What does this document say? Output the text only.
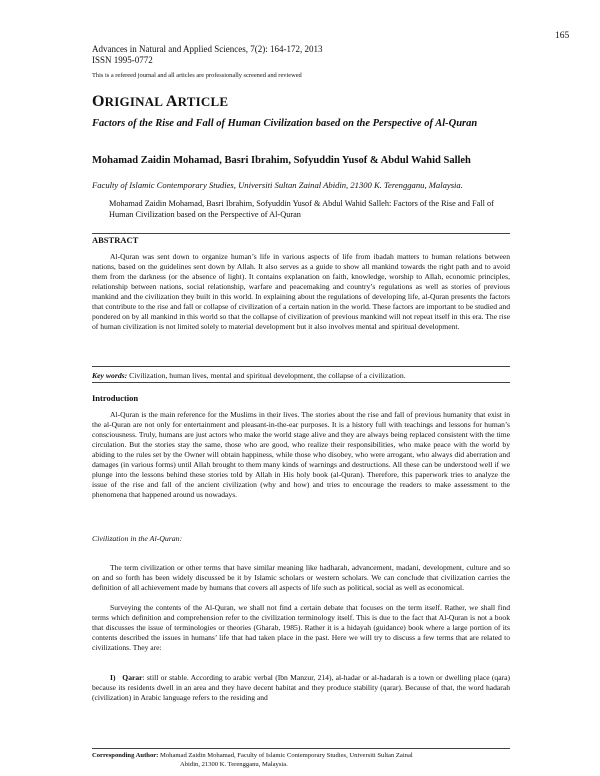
165
Advances in Natural and Applied Sciences, 7(2): 164-172, 2013
ISSN 1995-0772
This is a refereed journal and all articles are professionally screened and reviewed
ORIGINAL ARTICLE
Factors of the Rise and Fall of Human Civilization based on the Perspective of Al-Quran
Mohamad Zaidin Mohamad, Basri Ibrahim, Sofyuddin Yusof & Abdul Wahid Salleh
Faculty of Islamic Contemporary Studies, Universiti Sultan Zainal Abidin, 21300 K. Terengganu, Malaysia.
Mohamad Zaidin Mohamad, Basri Ibrahim, Sofyuddin Yusof & Abdul Wahid Salleh: Factors of the Rise and Fall of Human Civilization based on the Perspective of Al-Quran
ABSTRACT
Al-Quran was sent down to organize human’s life in various aspects of life from ibadah matters to human relations between nations, based on the guidelines sent down by Allah. It also serves as a guide to show all mankind towards the right path and to avoid them from the darkness (or the absence of light). It contains explanation on faith, knowledge, worship to Allah, economic principles, relationship between nations, social relationship, warfare and peacemaking and country’s regulations as well as stories of previous mankind and the civilization they built in this world. In explaining about the regulations of developing life, al-Quran presents the factors that contribute to the rise and fall or collapse of civilization of a certain nation in the world. These factors are important to be studied and pondered on by all mankind in this world so that the collapse of civilization of previous mankind will not repeat itself in this era. The rise of human civilization is not limited solely to material development but it also involves mental and spiritual development.
Key words: Civilization, human lives, mental and spiritual development, the collapse of a civilization.
Introduction
Al-Quran is the main reference for the Muslims in their lives. The stories about the rise and fall of previous humanity that exist in the al-Quran are not only for entertainment and pleasant-in-the-ear purposes. It is a history full with teachings and lessons for human’s consciousness. Truly, humans are just actors who make the world stage alive and they are always being replaced consistent with the time circulation. But the stories stay the same, those who are good, who realize their responsibilities, who make peace with the world by abiding to the rules set by the Owner will obtain happiness, while those who disobey, who were arrogant, who always did aberration and damages (in various forms) until Allah brought to them many kinds of warnings and destructions. All these can be understood well if we plunge into the lessons behind these stories told by Allah in His holy book (al-Quran). Therefore, this paperwork tries to analyze the issue of the rise and fall of the ancient civilization (why and how) and tries to encourage the readers to make assessment to the phenomena that happened around us nowadays.
Civilization in the Al-Quran:
The term civilization or other terms that have similar meaning like hadharah, advancement, madani, development, culture and so on and so forth has been widely discussed be it by Islamic scholars or western scholars. We can conclude that civilization carries the definition of all achievement made by humans that covers all aspects of life such as political, social as well as economical.
Surveying the contents of the Al-Quran, we shall not find a certain debate that focuses on the term itself. Rather, we shall find terms which definition and comprehension refer to the civilization terminology itself. This is due to the fact that Al-Quran is not a book that discusses the issue of terminologies or theories (Gharab, 1985). Rather it is a hidayah (guidance) book where a large portion of its contents described the issues in humans’ life that had taken place in the past. Here we will try to discuss a few terms that are related to civilizations. They are:
I) Qarar: still or stable. According to arabic verbal (Ibn Manzur, 214), al-hadar or al-hadarah is a town or dwelling place (qara) because its residents dwell in an area and they have decent habitat and they produce stability (qarar). Because of that, the word hadarah (civilization) in Arabic language refers to the residing and
Corresponding Author: Mohamad Zaidin Mohamad, Faculty of Islamic Contemporary Studies, Universiti Sultan Zainal
Abidin, 21300 K. Terengganu, Malaysia.
